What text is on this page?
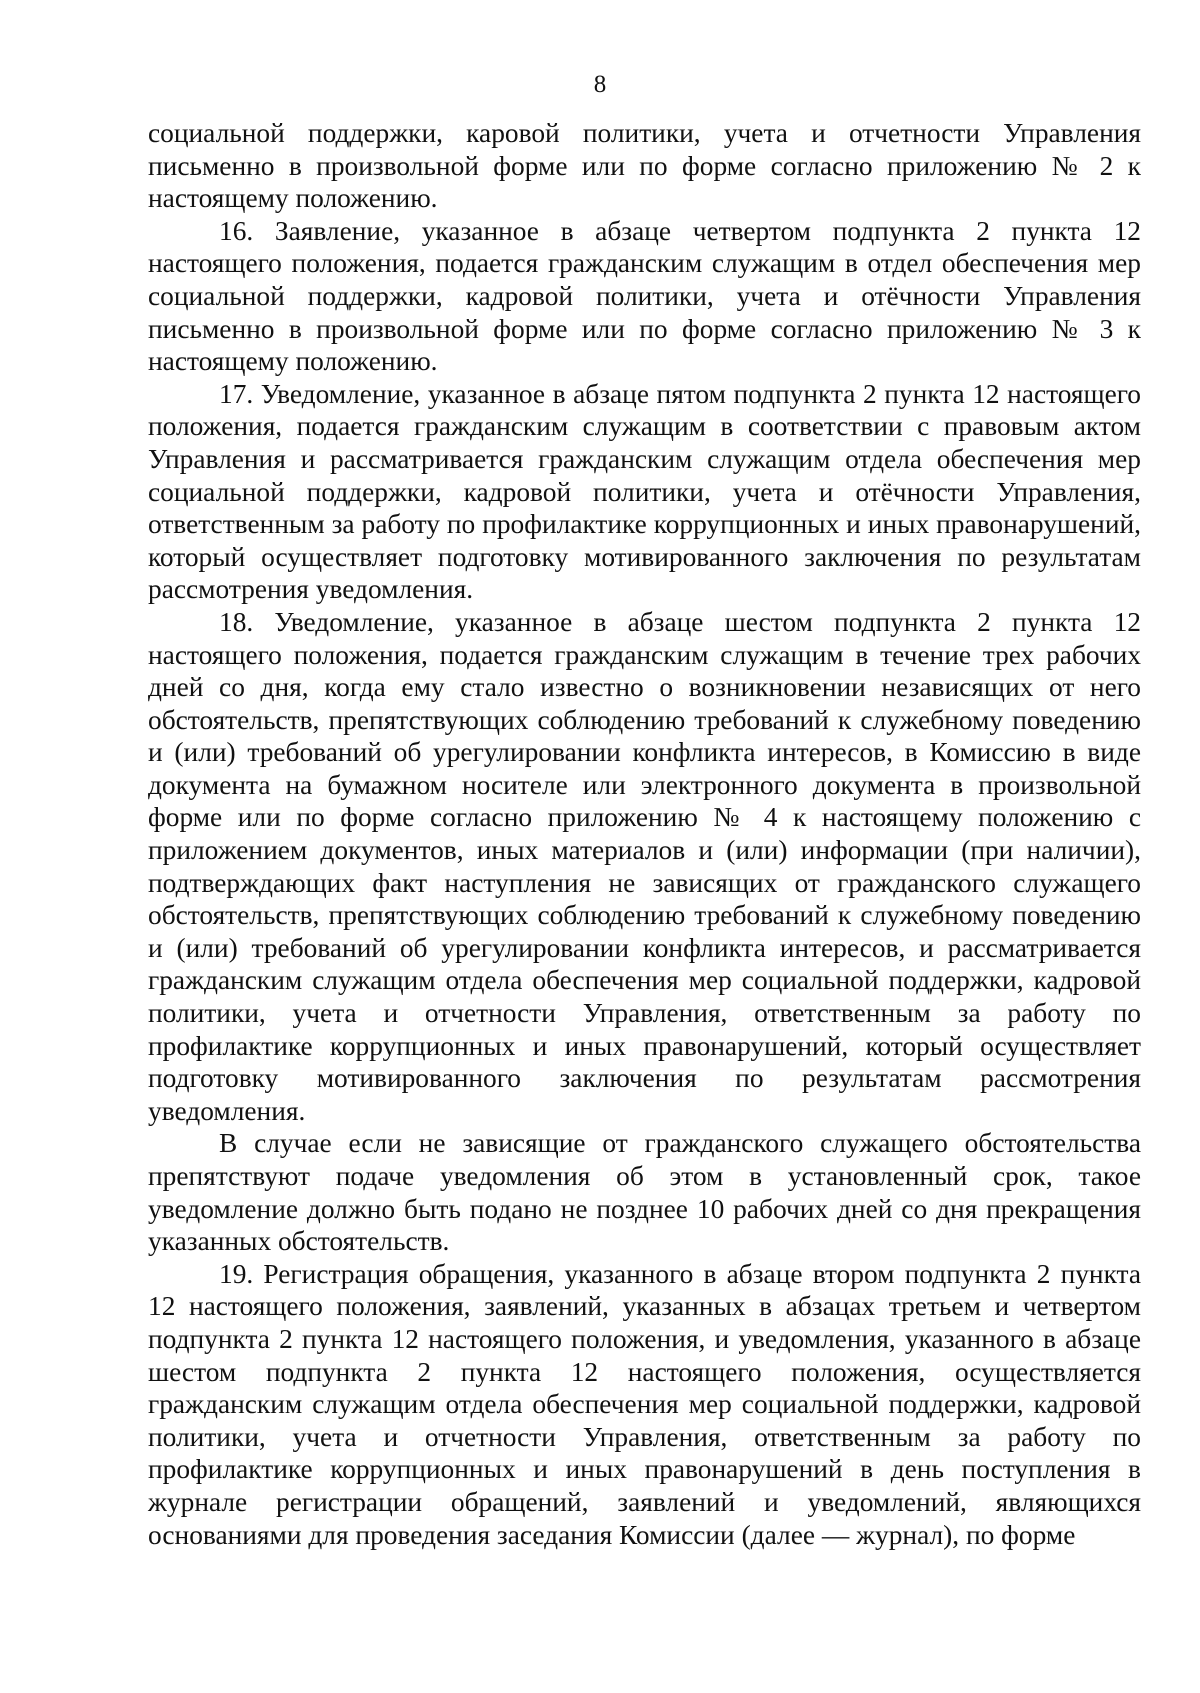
8

социальной поддержки, каровой политики, учета и отчетности Управления письменно в произвольной форме или по форме согласно приложению № 2 к настоящему положению.

16. Заявление, указанное в абзаце четвертом подпункта 2 пункта 12 настоящего положения, подается гражданским служащим в отдел обеспечения мер социальной поддержки, кадровой политики, учета и отёчности Управления письменно в произвольной форме или по форме согласно приложению № 3 к настоящему положению.

17. Уведомление, указанное в абзаце пятом подпункта 2 пункта 12 настоящего положения, подается гражданским служащим в соответствии с правовым актом Управления и рассматривается гражданским служащим отдела обеспечения мер социальной поддержки, кадровой политики, учета и отёчности Управления, ответственным за работу по профилактике коррупционных и иных правонарушений, который осуществляет подготовку мотивированного заключения по результатам рассмотрения уведомления.

18. Уведомление, указанное в абзаце шестом подпункта 2 пункта 12 настоящего положения, подается гражданским служащим в течение трех рабочих дней со дня, когда ему стало известно о возникновении независящих от него обстоятельств, препятствующих соблюдению требований к служебному поведению и (или) требований об урегулировании конфликта интересов, в Комиссию в виде документа на бумажном носителе или электронного документа в произвольной форме или по форме согласно приложению № 4 к настоящему положению с приложением документов, иных материалов и (или) информации (при наличии), подтверждающих факт наступления не зависящих от гражданского служащего обстоятельств, препятствующих соблюдению требований к служебному поведению и (или) требований об урегулировании конфликта интересов, и рассматривается гражданским служащим отдела обеспечения мер социальной поддержки, кадровой политики, учета и отчетности Управления, ответственным за работу по профилактике коррупционных и иных правонарушений, который осуществляет подготовку мотивированного заключения по результатам рассмотрения уведомления.

В случае если не зависящие от гражданского служащего обстоятельства препятствуют подаче уведомления об этом в установленный срок, такое уведомление должно быть подано не позднее 10 рабочих дней со дня прекращения указанных обстоятельств.

19. Регистрация обращения, указанного в абзаце втором подпункта 2 пункта 12 настоящего положения, заявлений, указанных в абзацах третьем и четвертом подпункта 2 пункта 12 настоящего положения, и уведомления, указанного в абзаце шестом подпункта 2 пункта 12 настоящего положения, осуществляется гражданским служащим отдела обеспечения мер социальной поддержки, кадровой политики, учета и отчетности Управления, ответственным за работу по профилактике коррупционных и иных правонарушений в день поступления в журнале регистрации обращений, заявлений и уведомлений, являющихся основаниями для проведения заседания Комиссии (далее — журнал), по форме
